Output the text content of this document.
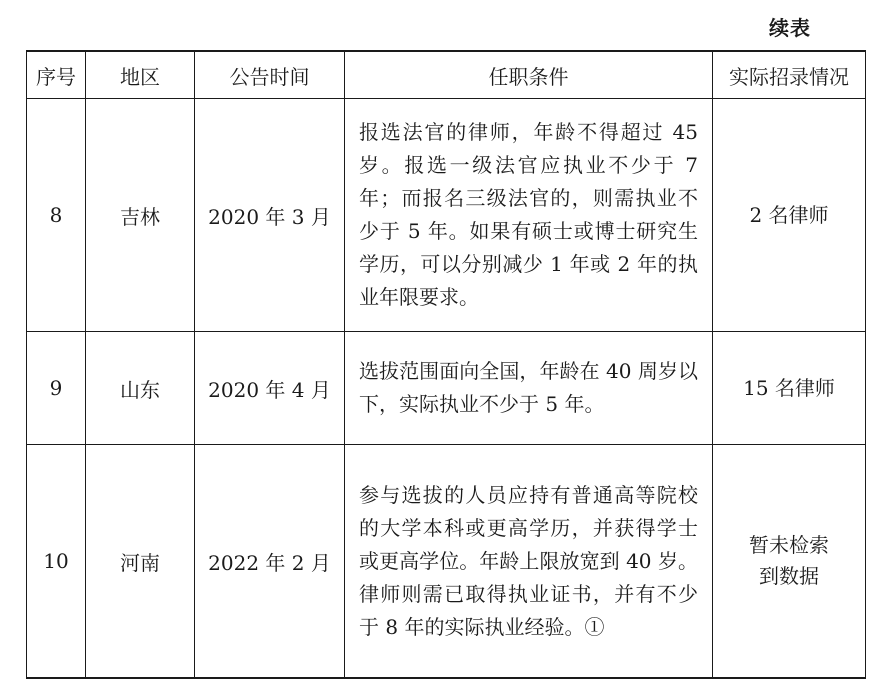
续表
序号	地区	公告时间	任职条件	实际招录情况
8	吉林	2020 年 3 月	报选法官的律师，年龄不得超过 45 岁。报选一级法官应执业不少于 7 年；而报名三级法官的，则需执业不少于 5 年。如果有硕士或博士研究生学历，可以分别减少 1 年或 2 年的执业年限要求。	2 名律师
9	山东	2020 年 4 月	选拔范围面向全国，年龄在 40 周岁以下，实际执业不少于 5 年。	15 名律师
10	河南	2022 年 2 月	参与选拔的人员应持有普通高等院校的大学本科或更高学历，并获得学士或更高学位。年龄上限放宽到 40 岁。律师则需已取得执业证书，并有不少于 8 年的实际执业经验。①	暂未检索到数据
